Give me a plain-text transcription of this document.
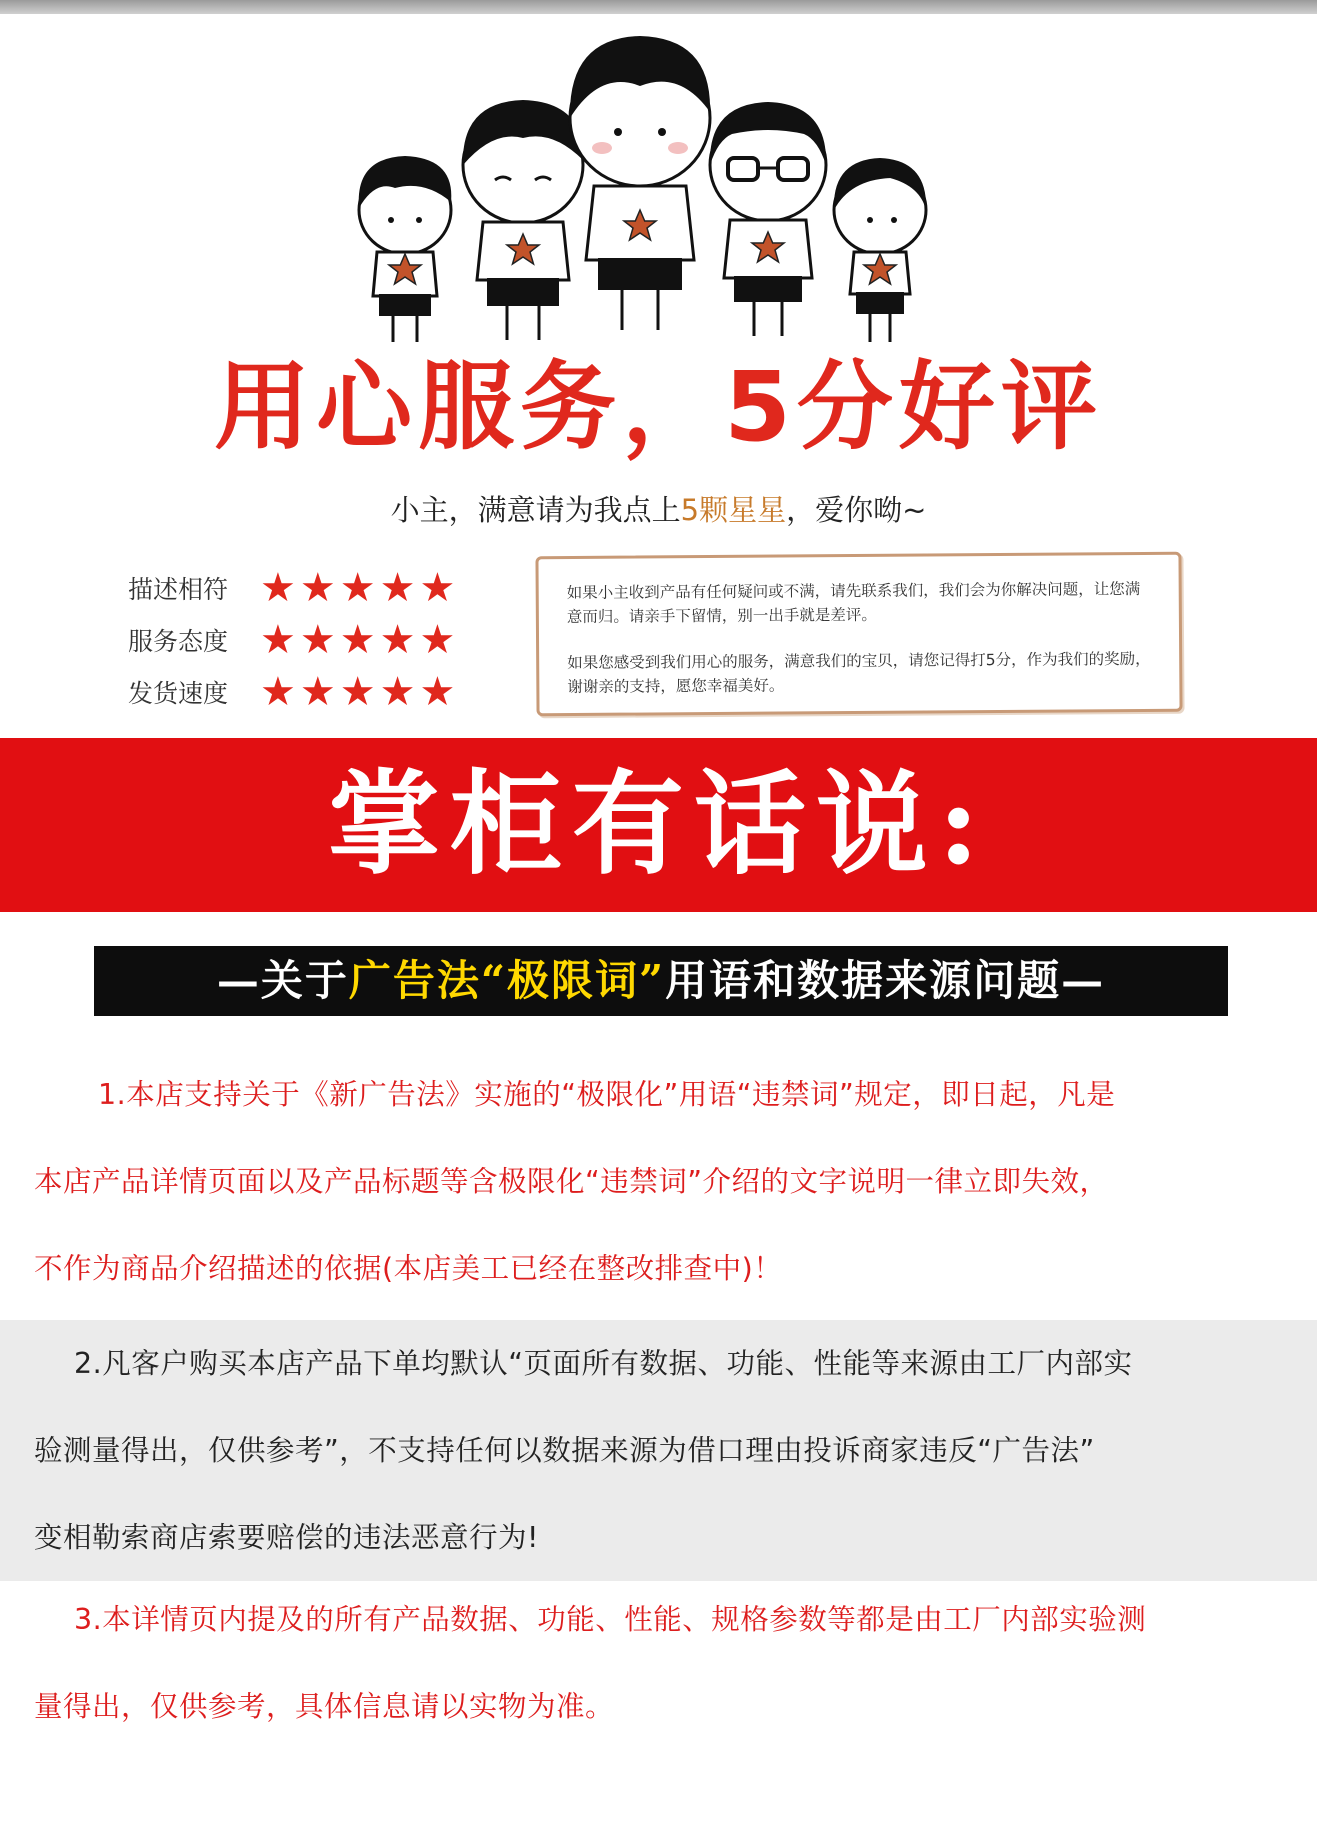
用心服务，5分好评
小主，满意请为我点上5颗星星，爱你呦~
描述相符 ★★★★★
服务态度 ★★★★★
发货速度 ★★★★★

如果小主收到产品有任何疑问或不满，请先联系我们，我们会为你解决问题，让您满意而归。请亲手下留情，别一出手就是差评。

如果您感受到我们用心的服务，满意我们的宝贝，请您记得打5分，作为我们的奖励，谢谢亲的支持，愿您幸福美好。

掌柜有话说:
—关于广告法“极限词”用语和数据来源问题—
1.本店支持关于《新广告法》实施的“极限化”用语“违禁词”规定，即日起，凡是
本店产品详情页面以及产品标题等含极限化“违禁词”介绍的文字说明一律立即失效，
不作为商品介绍描述的依据(本店美工已经在整改排查中)！
2.凡客户购买本店产品下单均默认“页面所有数据、功能、性能等来源由工厂内部实
验测量得出，仅供参考”，不支持任何以数据来源为借口理由投诉商家违反“广告法”
变相勒索商店索要赔偿的违法恶意行为!
3.本详情页内提及的所有产品数据、功能、性能、规格参数等都是由工厂内部实验测
量得出，仅供参考，具体信息请以实物为准。
